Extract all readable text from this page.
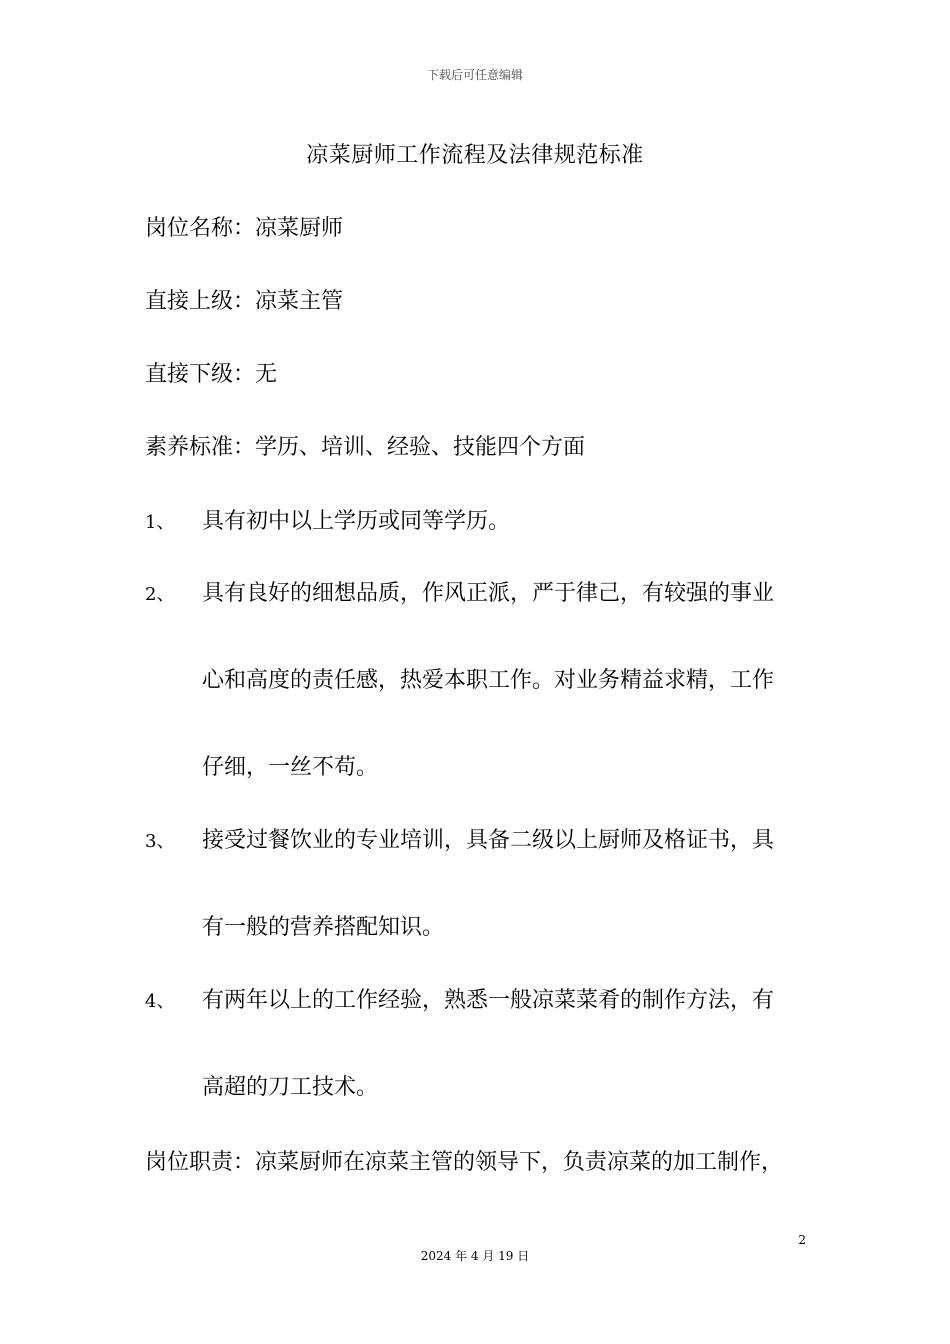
下载后可任意编辑
凉菜厨师工作流程及法律规范标准
岗位名称：凉菜厨师
直接上级：凉菜主管
直接下级：无
素养标准：学历、培训、经验、技能四个方面
1、 具有初中以上学历或同等学历。
2、 具有良好的细想品质，作风正派，严于律己，有较强的事业
心和高度的责任感，热爱本职工作。对业务精益求精，工作
仔细，一丝不苟。
3、 接受过餐饮业的专业培训，具备二级以上厨师及格证书，具
有一般的营养搭配知识。
4、 有两年以上的工作经验，熟悉一般凉菜菜肴的制作方法，有
高超的刀工技术。
岗位职责：凉菜厨师在凉菜主管的领导下，负责凉菜的加工制作，
2
2024 年 4 月 19 日
